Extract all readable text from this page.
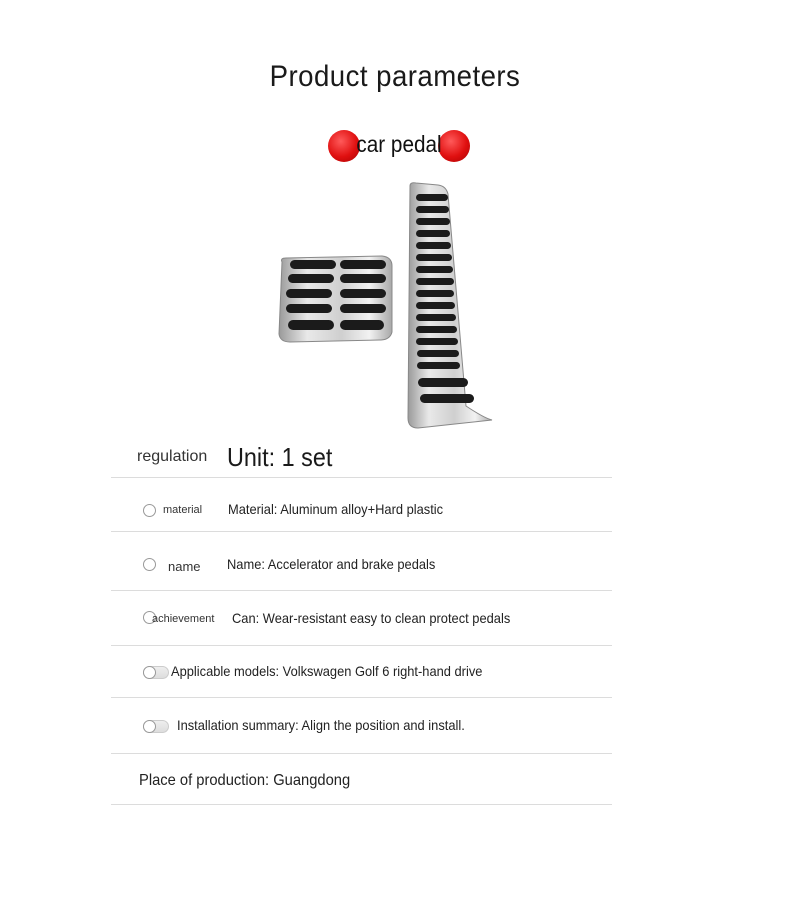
Product parameters
car pedal
regulation Unit: 1 set
material Material: Aluminum alloy+Hard plastic
name Name: Accelerator and brake pedals
achievement Can: Wear-resistant easy to clean protect pedals
Applicable models: Volkswagen Golf 6 right-hand drive
Installation summary: Align the position and install.
Place of production: Guangdong
